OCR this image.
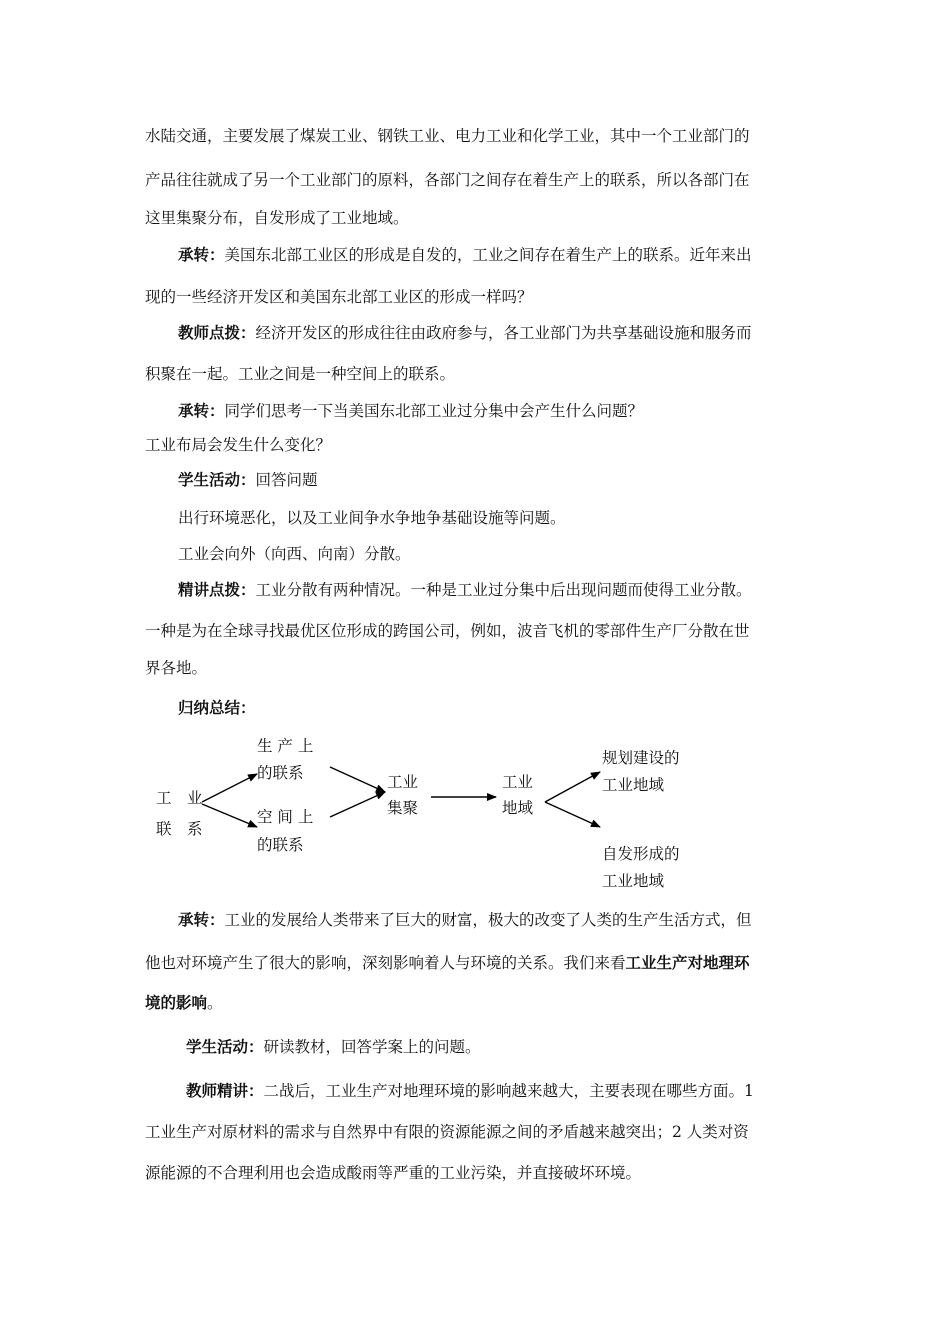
水陆交通，主要发展了煤炭工业、钢铁工业、电力工业和化学工业，其中一个工业部门的
产品往往就成了另一个工业部门的原料，各部门之间存在着生产上的联系，所以各部门在
这里集聚分布，自发形成了工业地域。
承转：美国东北部工业区的形成是自发的，工业之间存在着生产上的联系。近年来出
现的一些经济开发区和美国东北部工业区的形成一样吗？
教师点拨：经济开发区的形成往往由政府参与，各工业部门为共享基础设施和服务而
积聚在一起。工业之间是一种空间上的联系。
承转：同学们思考一下当美国东北部工业过分集中会产生什么问题？
工业布局会发生什么变化？
学生活动：回答问题
出行环境恶化，以及工业间争水争地争基础设施等问题。
工业会向外（向西、向南）分散。
精讲点拨：工业分散有两种情况。一种是工业过分集中后出现问题而使得工业分散。
一种是为在全球寻找最优区位形成的跨国公司，例如，波音飞机的零部件生产厂分散在世
界各地。
归纳总结：
工　业
联　系
生 产 上
的联系
空 间 上
的联系
工业
集聚
工业
地域
规划建设的
工业地域
自发形成的
工业地域
承转：工业的发展给人类带来了巨大的财富，极大的改变了人类的生产生活方式，但
他也对环境产生了很大的影响，深刻影响着人与环境的关系。我们来看工业生产对地理环
境的影响。
学生活动：研读教材，回答学案上的问题。
教师精讲：二战后，工业生产对地理环境的影响越来越大，主要表现在哪些方面。1
工业生产对原材料的需求与自然界中有限的资源能源之间的矛盾越来越突出；2 人类对资
源能源的不合理利用也会造成酸雨等严重的工业污染，并直接破坏环境。
